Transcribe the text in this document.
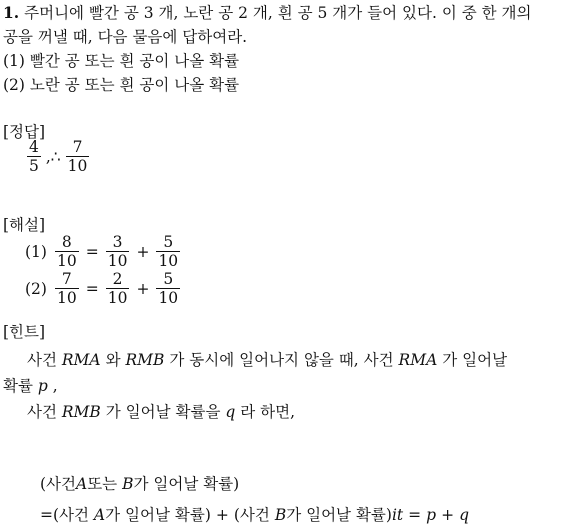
1. 주머니에 빨간 공 3 개, 노란 공 2 개, 흰 공 5 개가 들어 있다. 이 중 한 개의
공을 꺼낼 때, 다음 물음에 답하여라.
(1) 빨간 공 또는 흰 공이 나올 확률
(2) 노란 공 또는 흰 공이 나올 확률
[정답]
$\frac{4}{5}$ ,∴ $\frac{7}{10}$
[해설]
$(1) \frac{8}{10} = \frac{3}{10} + \frac{5}{10}$
$(2) \frac{7}{10} = \frac{2}{10} + \frac{5}{10}$
[힌트]
사건 RMA 와 RMB 가 동시에 일어나지 않을 때, 사건 RMA 가 일어날
확률 p ,
사건 RMB 가 일어날 확률을 q 라 하면,
(사건A또는 B가 일어날 확률)
=(사건 A가 일어날 확률) + (사건 B가 일어날 확률)it = p + q
